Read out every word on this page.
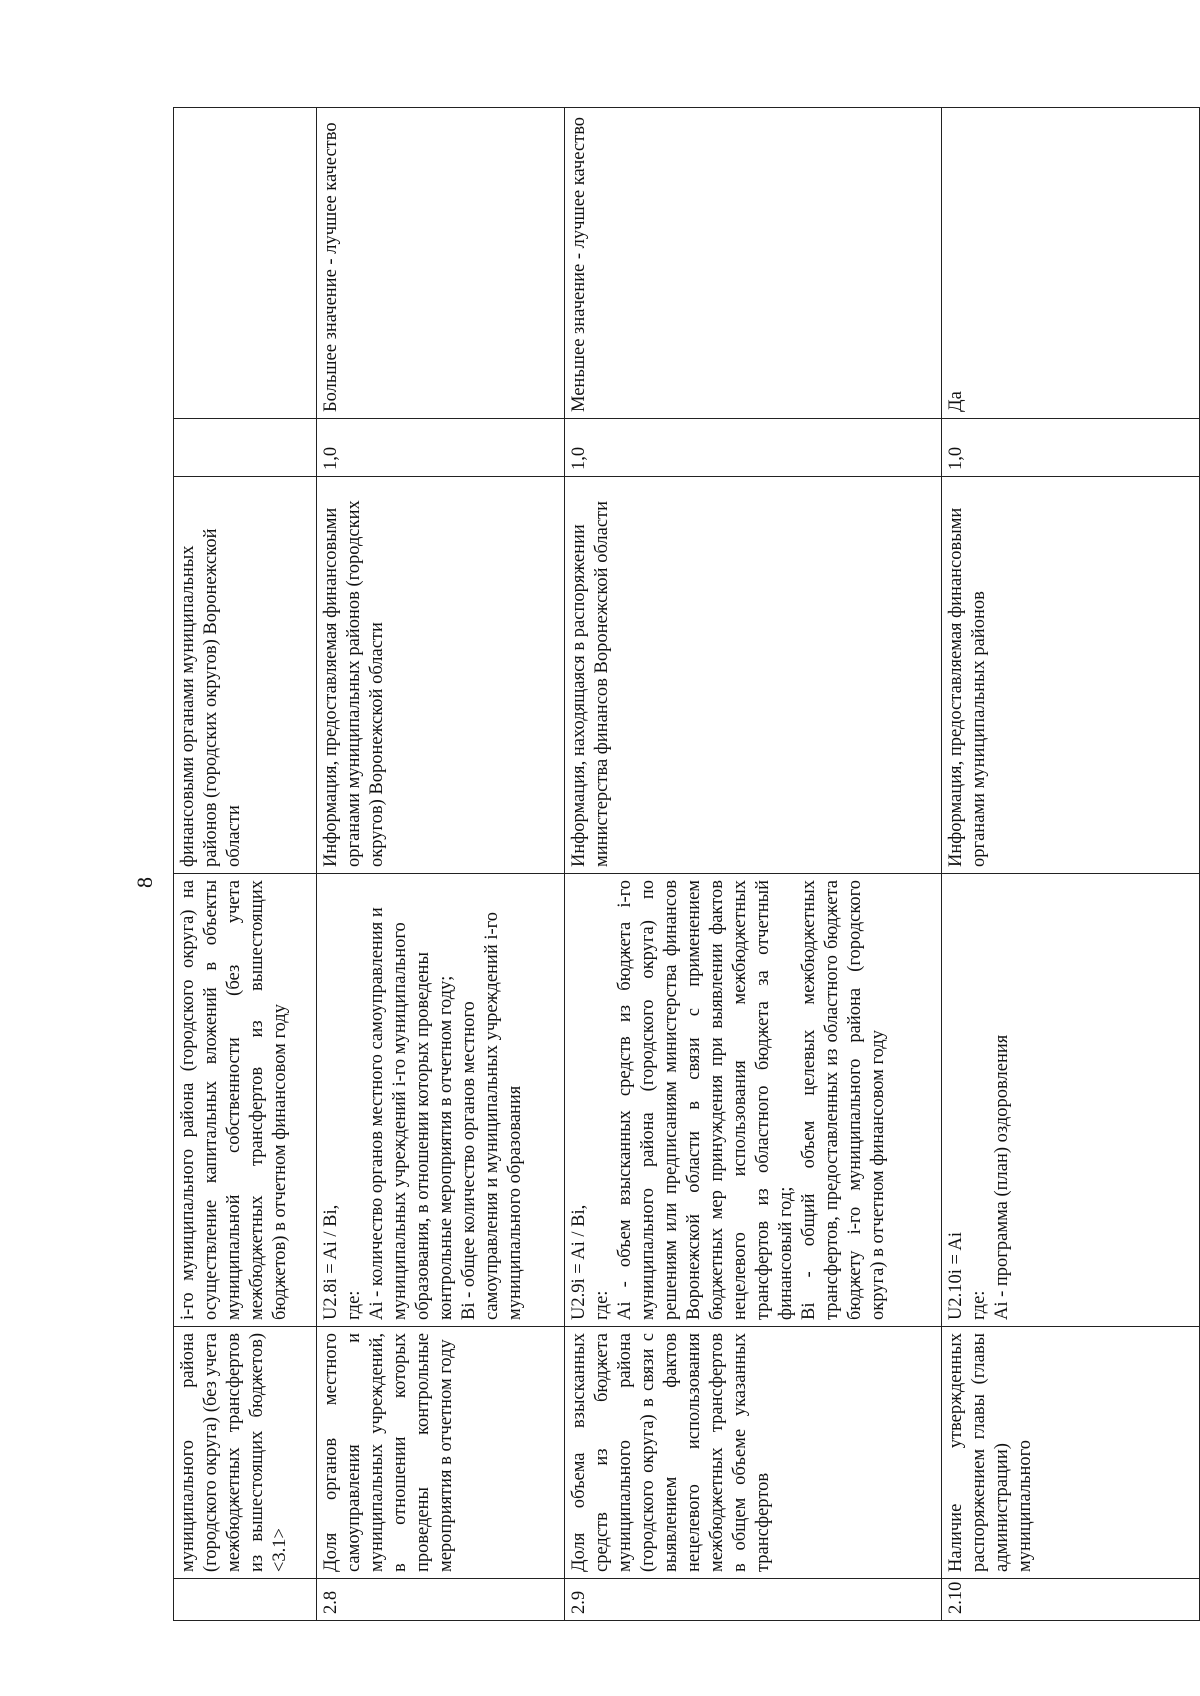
8
	муниципального района (городского округа) (без учета межбюджетных трансфертов из вышестоящих бюджетов) <3.1>	i-го муниципального района (городского округа) на осуществление капитальных вложений в объекты муниципальной собственности (без учета межбюджетных трансфертов из вышестоящих бюджетов) в отчетном финансовом году	финансовыми органами муниципальных районов (городских округов) Воронежской области		
2.8	Доля органов местного самоуправления и муниципальных учреждений, в отношении которых проведены контрольные мероприятия в отчетном году	U2.8i = Ai / Bi, где: Ai - количество органов местного самоуправления и муниципальных учреждений i-го муниципального образования, в отношении которых проведены контрольные мероприятия в отчетном году; Bi - общее количество органов местного самоуправления и муниципальных учреждений i-го муниципального образования	Информация, предоставляемая финансовыми органами муниципальных районов (городских округов) Воронежской области	1,0	Большее значение - лучшее качество
2.9	Доля объема взысканных средств из бюджета муниципального района (городского округа) в связи с выявлением фактов нецелевого использования межбюджетных трансфертов в общем объеме указанных трансфертов	U2.9i = Ai / Bi, где: Ai - объем взысканных средств из бюджета i-го муниципального района (городского округа) по решениям или предписаниям министерства финансов Воронежской области в связи с применением бюджетных мер принуждения при выявлении фактов нецелевого использования межбюджетных трансфертов из областного бюджета за отчетный финансовый год; Bi - общий объем целевых межбюджетных трансфертов, предоставленных из областного бюджета бюджету i-го муниципального района (городского округа) в отчетном финансовом году	Информация, находящаяся в распоряжении министерства финансов Воронежской области	1,0	Меньшее значение - лучшее качество
2.10	Наличие утвержденных распоряжением главы (главы администрации) муниципального	U2.10i = Ai где: Ai - программа (план) оздоровления	Информация, предоставляемая финансовыми органами муниципальных районов	1,0	Да
